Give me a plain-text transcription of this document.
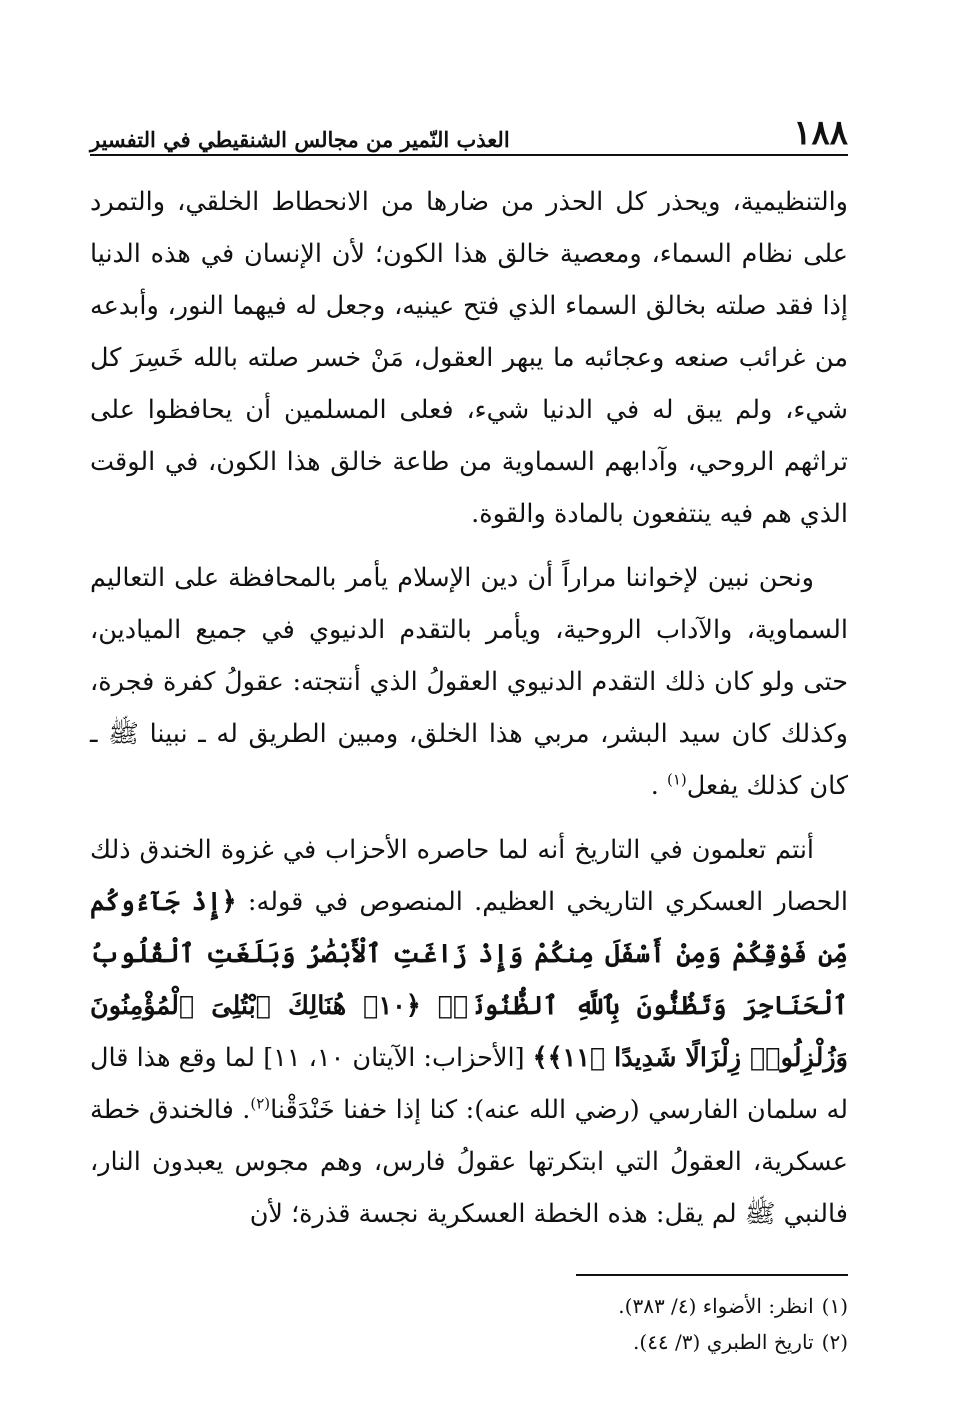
١٨٨
العذب النّمير من مجالس الشنقيطي في التفسير

والتنظيمية، ويحذر كل الحذر من ضارها من الانحطاط الخلقي، والتمرد على نظام السماء، ومعصية خالق هذا الكون؛ لأن الإنسان في هذه الدنيا إذا فقد صلته بخالق السماء الذي فتح عينيه، وجعل له فيهما النور، وأبدعه من غرائب صنعه وعجائبه ما يبهر العقول، مَنْ خسر صلته بالله خَسِرَ كل شيء، ولم يبق له في الدنيا شيء، فعلى المسلمين أن يحافظوا على تراثهم الروحي، وآدابهم السماوية من طاعة خالق هذا الكون، في الوقت الذي هم فيه ينتفعون بالمادة والقوة.

ونحن نبين لإخواننا مراراً أن دين الإسلام يأمر بالمحافظة على التعاليم السماوية، والآداب الروحية، ويأمر بالتقدم الدنيوي في جميع الميادين، حتى ولو كان ذلك التقدم الدنيوي العقولُ الذي أنتجته: عقولُ كفرة فجرة، وكذلك كان سيد البشر، مربي هذا الخلق، ومبين الطريق له ـ نبينا ﷺ ـ كان كذلك يفعل$^{(١)}$ .

أنتم تعلمون في التاريخ أنه لما حاصره الأحزاب في غزوة الخندق ذلك الحصار العسكري التاريخي العظيم. المنصوص في قوله: ﴿إِذْ جَآءُوكُم مِّن فَوْقِكُمْ وَمِنْ أَسْفَلَ مِنكُمْ وَإِذْ زَاغَتِ ٱلْأَبْصَٰرُ وَبَلَغَتِ ٱلْقُلُوبُ ٱلْحَنَاجِرَ وَتَظُنُّونَ بِٱللَّهِ ٱلظُّنُونَا۠ ﴿١٠﴾ هُنَالِكَ ٱبْتُلِىَ ٱلْمُؤْمِنُونَ وَزُلْزِلُوا۟ زِلْزَالًا شَدِيدًا ﴿١١﴾﴾ [الأحزاب: الآيتان ١٠، ١١] لما وقع هذا قال له سلمان الفارسي (رضي الله عنه): كنا إذا خفنا خَنْدَقْنا$^{(٢)}$. فالخندق خطة عسكرية، العقولُ التي ابتكرتها عقولُ فارس، وهم مجوس يعبدون النار، فالنبي ﷺ لم يقل: هذه الخطة العسكرية نجسة قذرة؛ لأن

(١)انظر: الأضواء (٤/ ٣٨٣).

(٢)تاريخ الطبري (٣/ ٤٤).
